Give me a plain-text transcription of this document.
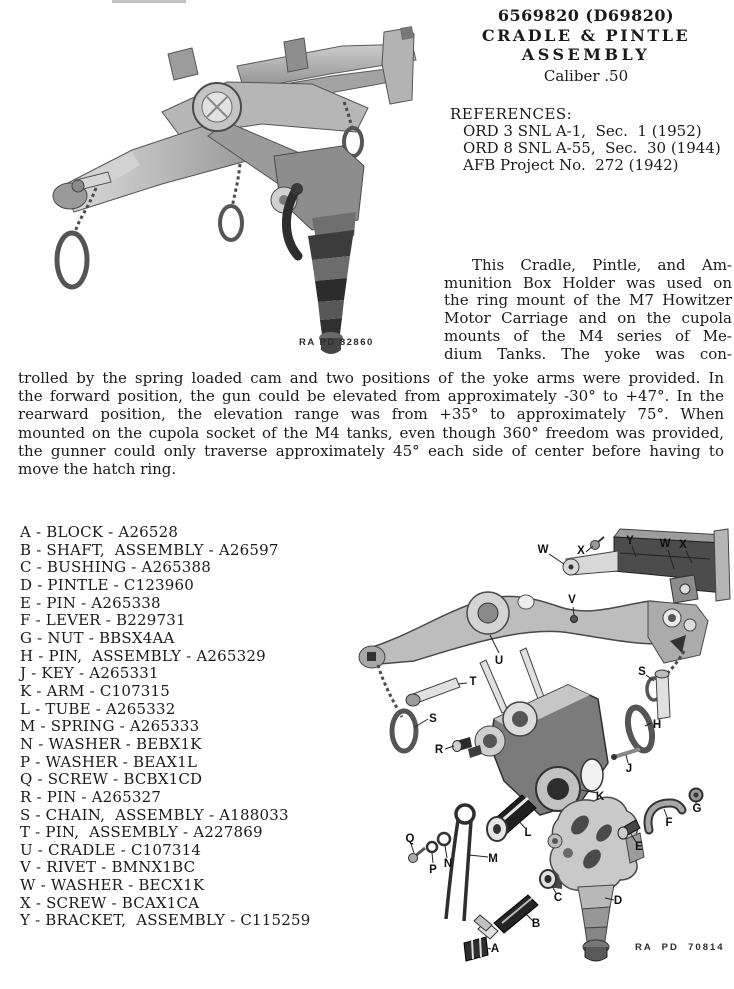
RA PD 82860
6569820 (D69820)
CRADLE & PINTLE
ASSEMBLY
Caliber .50
REFERENCES:
ORD 3 SNL A-1,  Sec.  1 (1952)
ORD 8 SNL A-55,  Sec.  30 (1944)
AFB Project No.  272 (1942)
This Cradle, Pintle, and Am-
munition Box Holder was used on
the ring mount of the M7 Howitzer
Motor Carriage and on the cupola
mounts of the M4 series of Me-
dium Tanks. The yoke was con-
trolled by the spring loaded cam and two positions of the yoke arms were provided. In
the forward position, the gun could be elevated from approximately -30° to +47°. In the
rearward position, the elevation range was from +35° to approximately 75°. When
mounted on the cupola socket of the M4 tanks, even though 360° freedom was provided,
the gunner could only traverse approximately 45° each side of center before having to
move the hatch ring.
A - BLOCK - A26528
B - SHAFT,  ASSEMBLY - A26597
C - BUSHING - A265388
D - PINTLE - C123960
E - PIN - A265338
F - LEVER - B229731
G - NUT - BBSX4AA
H - PIN,  ASSEMBLY - A265329
J - KEY - A265331
K - ARM - C107315
L - TUBE - A265332
M - SPRING - A265333
N - WASHER - BEBX1K
P - WASHER - BEAX1L
Q - SCREW - BCBX1CD
R - PIN - A265327
S - CHAIN,  ASSEMBLY - A188033
T - PIN,  ASSEMBLY - A227869
U - CRADLE - C107314
V - RIVET - BMNX1BC
W - WASHER - BECX1K
X - SCREW - BCAX1CA
Y - BRACKET,  ASSEMBLY - C115259
W X
Y W X
V
U
T
S
S
H
R
J
K
L
Q
N
P
M
C
B
A
E
F
G
D
RA  PD  70814
